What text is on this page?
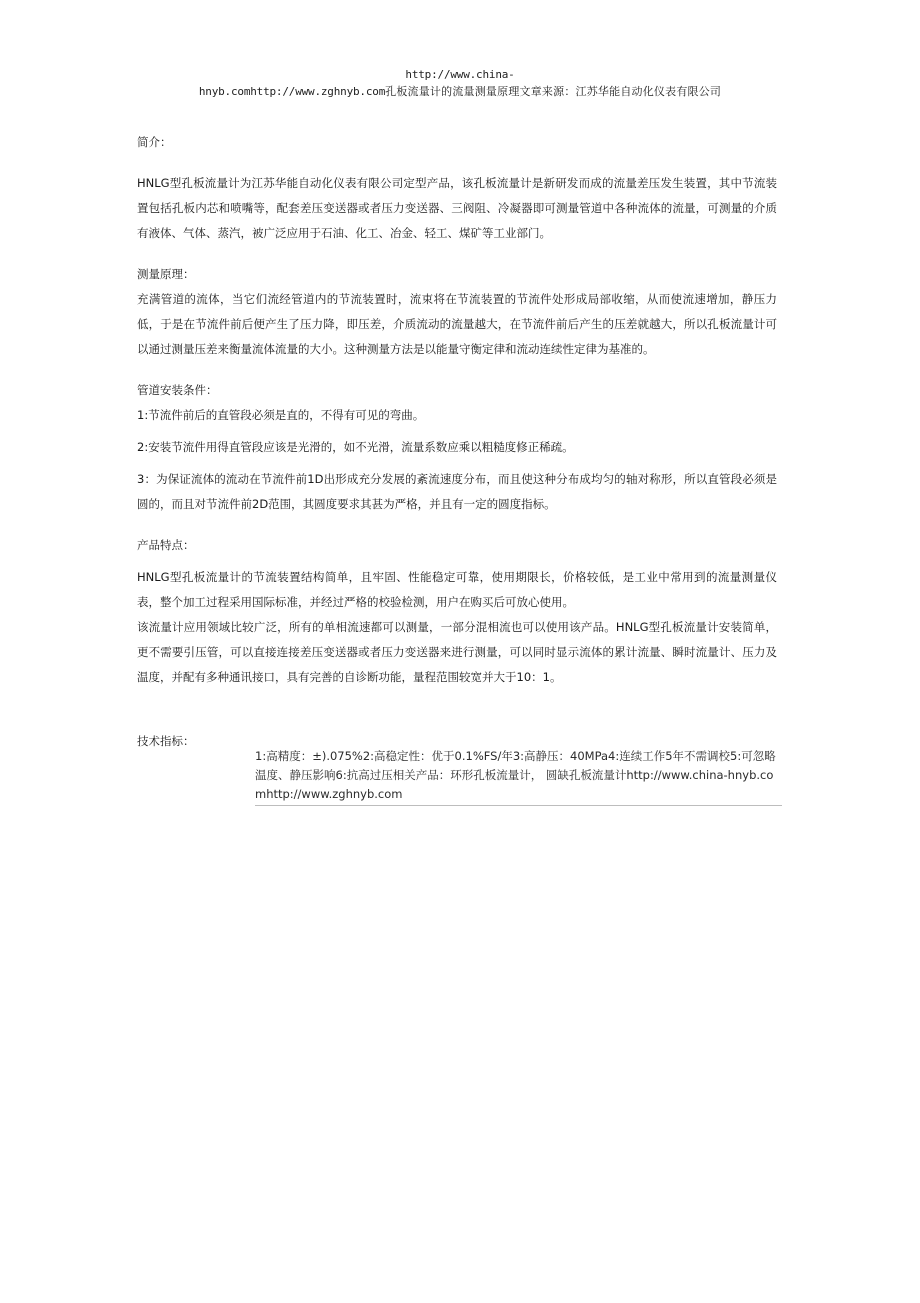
http://www.china-
hnyb.comhttp://www.zghnyb.com孔板流量计的流量测量原理文章来源：江苏华能自动化仪表有限公司
简介：

HNLG型孔板流量计为江苏华能自动化仪表有限公司定型产品，该孔板流量计是新研发而成的流量差压发生装置，其中节流装置包括孔板内芯和喷嘴等，配套差压变送器或者压力变送器、三阀阻、冷凝器即可测量管道中各种流体的流量，可测量的介质有液体、气体、蒸汽，被广泛应用于石油、化工、冶金、轻工、煤矿等工业部门。

测量原理：

充满管道的流体，当它们流经管道内的节流装置时，流束将在节流装置的节流件处形成局部收缩，从而使流速增加，静压力低，于是在节流件前后便产生了压力降，即压差，介质流动的流量越大，在节流件前后产生的压差就越大，所以孔板流量计可以通过测量压差来衡量流体流量的大小。这种测量方法是以能量守衡定律和流动连续性定律为基准的。

管道安装条件：

1:节流件前后的直管段必须是直的，不得有可见的弯曲。

2:安装节流件用得直管段应该是光滑的，如不光滑，流量系数应乘以粗糙度修正稀疏。

3：为保证流体的流动在节流件前1D出形成充分发展的紊流速度分布，而且使这种分布成均匀的轴对称形，所以直管段必须是圆的，而且对节流件前2D范围，其圆度要求其甚为严格，并且有一定的圆度指标。

产品特点：

HNLG型孔板流量计的节流装置结构简单，且牢固、性能稳定可靠，使用期限长，价格较低，是工业中常用到的流量测量仪表，整个加工过程采用国际标准，并经过严格的校验检测，用户在购买后可放心使用。

该流量计应用领域比较广泛，所有的单相流速都可以测量，一部分混相流也可以使用该产品。HNLG型孔板流量计安装简单，更不需要引压管，可以直接连接差压变送器或者压力变送器来进行测量，可以同时显示流体的累计流量、瞬时流量计、压力及温度，并配有多种通讯接口，具有完善的自诊断功能，量程范围较宽并大于10：1。

技术指标：
1:高精度：±).075%2:高稳定性：优于0.1%FS/年3:高静压：40MPa4:连续工作5年不需调校5:可忽略温度、静压影响6:抗高过压相关产品：环形孔板流量计， 圆缺孔板流量计http://www.china-hnyb.comhttp://www.zghnyb.com
